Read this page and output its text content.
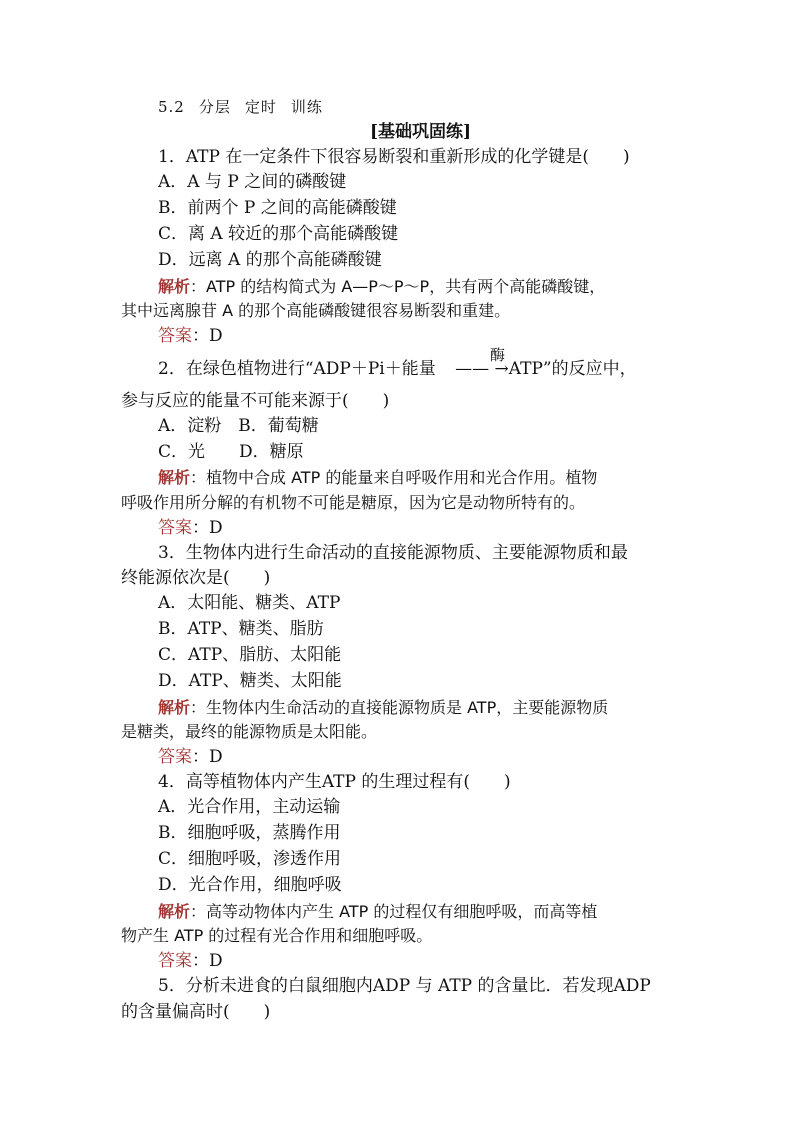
5.2 分层 定时 训练
[基础巩固练]
1．ATP 在一定条件下很容易断裂和重新形成的化学键是(　　)
A．A 与 P 之间的磷酸键
B．前两个 P 之间的高能磷酸键
C．离 A 较近的那个高能磷酸键
D．远离 A 的那个高能磷酸键
解析：ATP 的结构简式为 A—P～P～P，共有两个高能磷酸键，
其中远离腺苷 A 的那个高能磷酸键很容易断裂和重建。
答案：D
酶
2．在绿色植物进行“ADP＋Pi＋能量 —— →ATP”的反应中，
参与反应的能量不可能来源于(　　)
A．淀粉　B．葡萄糖
C．光　　D．糖原
解析：植物中合成 ATP 的能量来自呼吸作用和光合作用。植物
呼吸作用所分解的有机物不可能是糖原，因为它是动物所特有的。
答案：D
3．生物体内进行生命活动的直接能源物质、主要能源物质和最
终能源依次是(　　)
A．太阳能、糖类、ATP
B．ATP、糖类、脂肪
C．ATP、脂肪、太阳能
D．ATP、糖类、太阳能
解析：生物体内生命活动的直接能源物质是 ATP，主要能源物质
是糖类，最终的能源物质是太阳能。
答案：D
4．高等植物体内产生ATP 的生理过程有(　　)
A．光合作用，主动运输
B．细胞呼吸，蒸腾作用
C．细胞呼吸，渗透作用
D．光合作用，细胞呼吸
解析：高等动物体内产生 ATP 的过程仅有细胞呼吸，而高等植
物产生 ATP 的过程有光合作用和细胞呼吸。
答案：D
5．分析未进食的白鼠细胞内ADP 与 ATP 的含量比．若发现ADP
的含量偏高时(　　)
